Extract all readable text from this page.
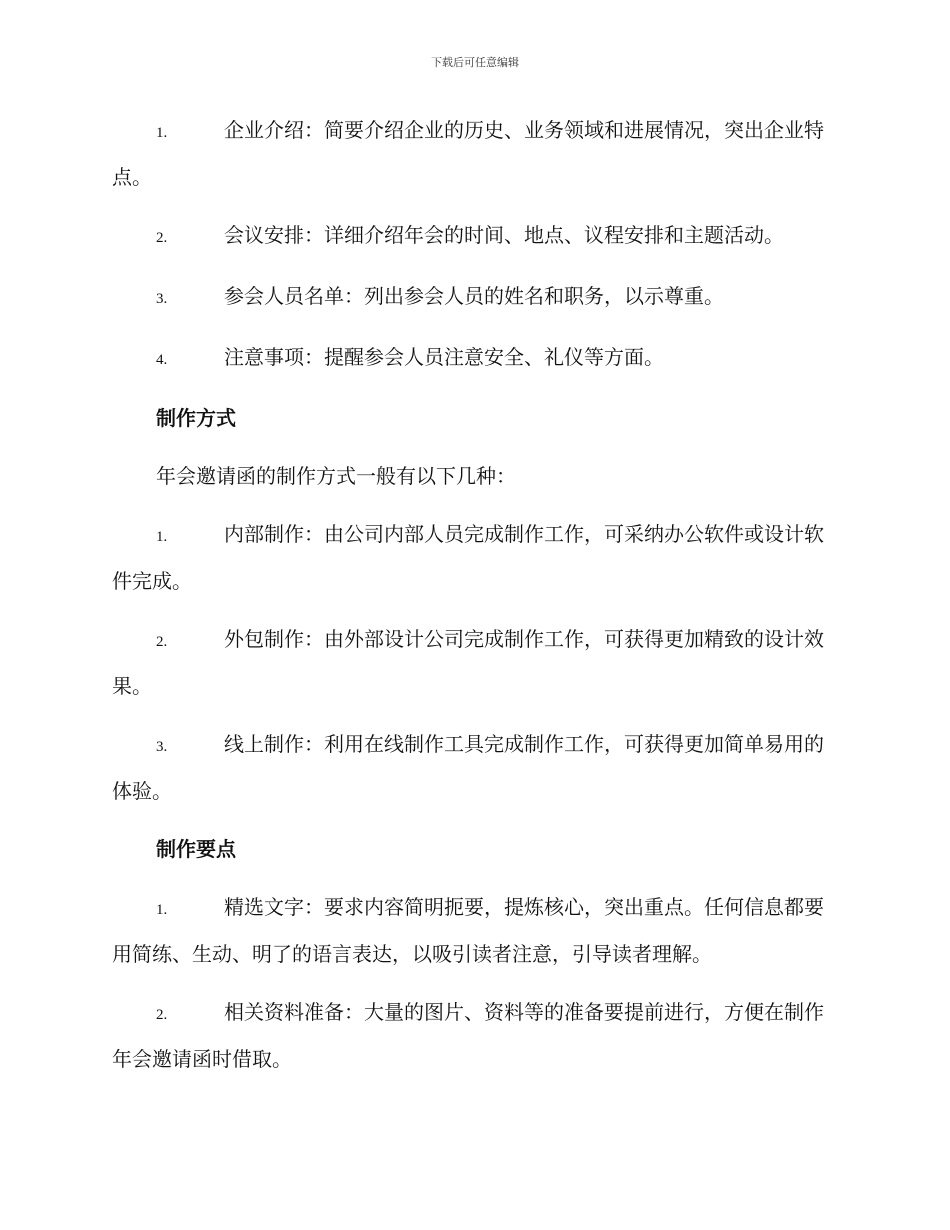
下载后可任意编辑
1.	企业介绍：简要介绍企业的历史、业务领域和进展情况，突出企业特点。
2.	会议安排：详细介绍年会的时间、地点、议程安排和主题活动。
3.	参会人员名单：列出参会人员的姓名和职务，以示尊重。
4.	注意事项：提醒参会人员注意安全、礼仪等方面。
制作方式
年会邀请函的制作方式一般有以下几种：
1.	内部制作：由公司内部人员完成制作工作，可采纳办公软件或设计软件完成。
2.	外包制作：由外部设计公司完成制作工作，可获得更加精致的设计效果。
3.	线上制作：利用在线制作工具完成制作工作，可获得更加简单易用的体验。
制作要点
1.	精选文字：要求内容简明扼要，提炼核心，突出重点。任何信息都要用简练、生动、明了的语言表达，以吸引读者注意，引导读者理解。
2.	相关资料准备：大量的图片、资料等的准备要提前进行，方便在制作年会邀请函时借取。
